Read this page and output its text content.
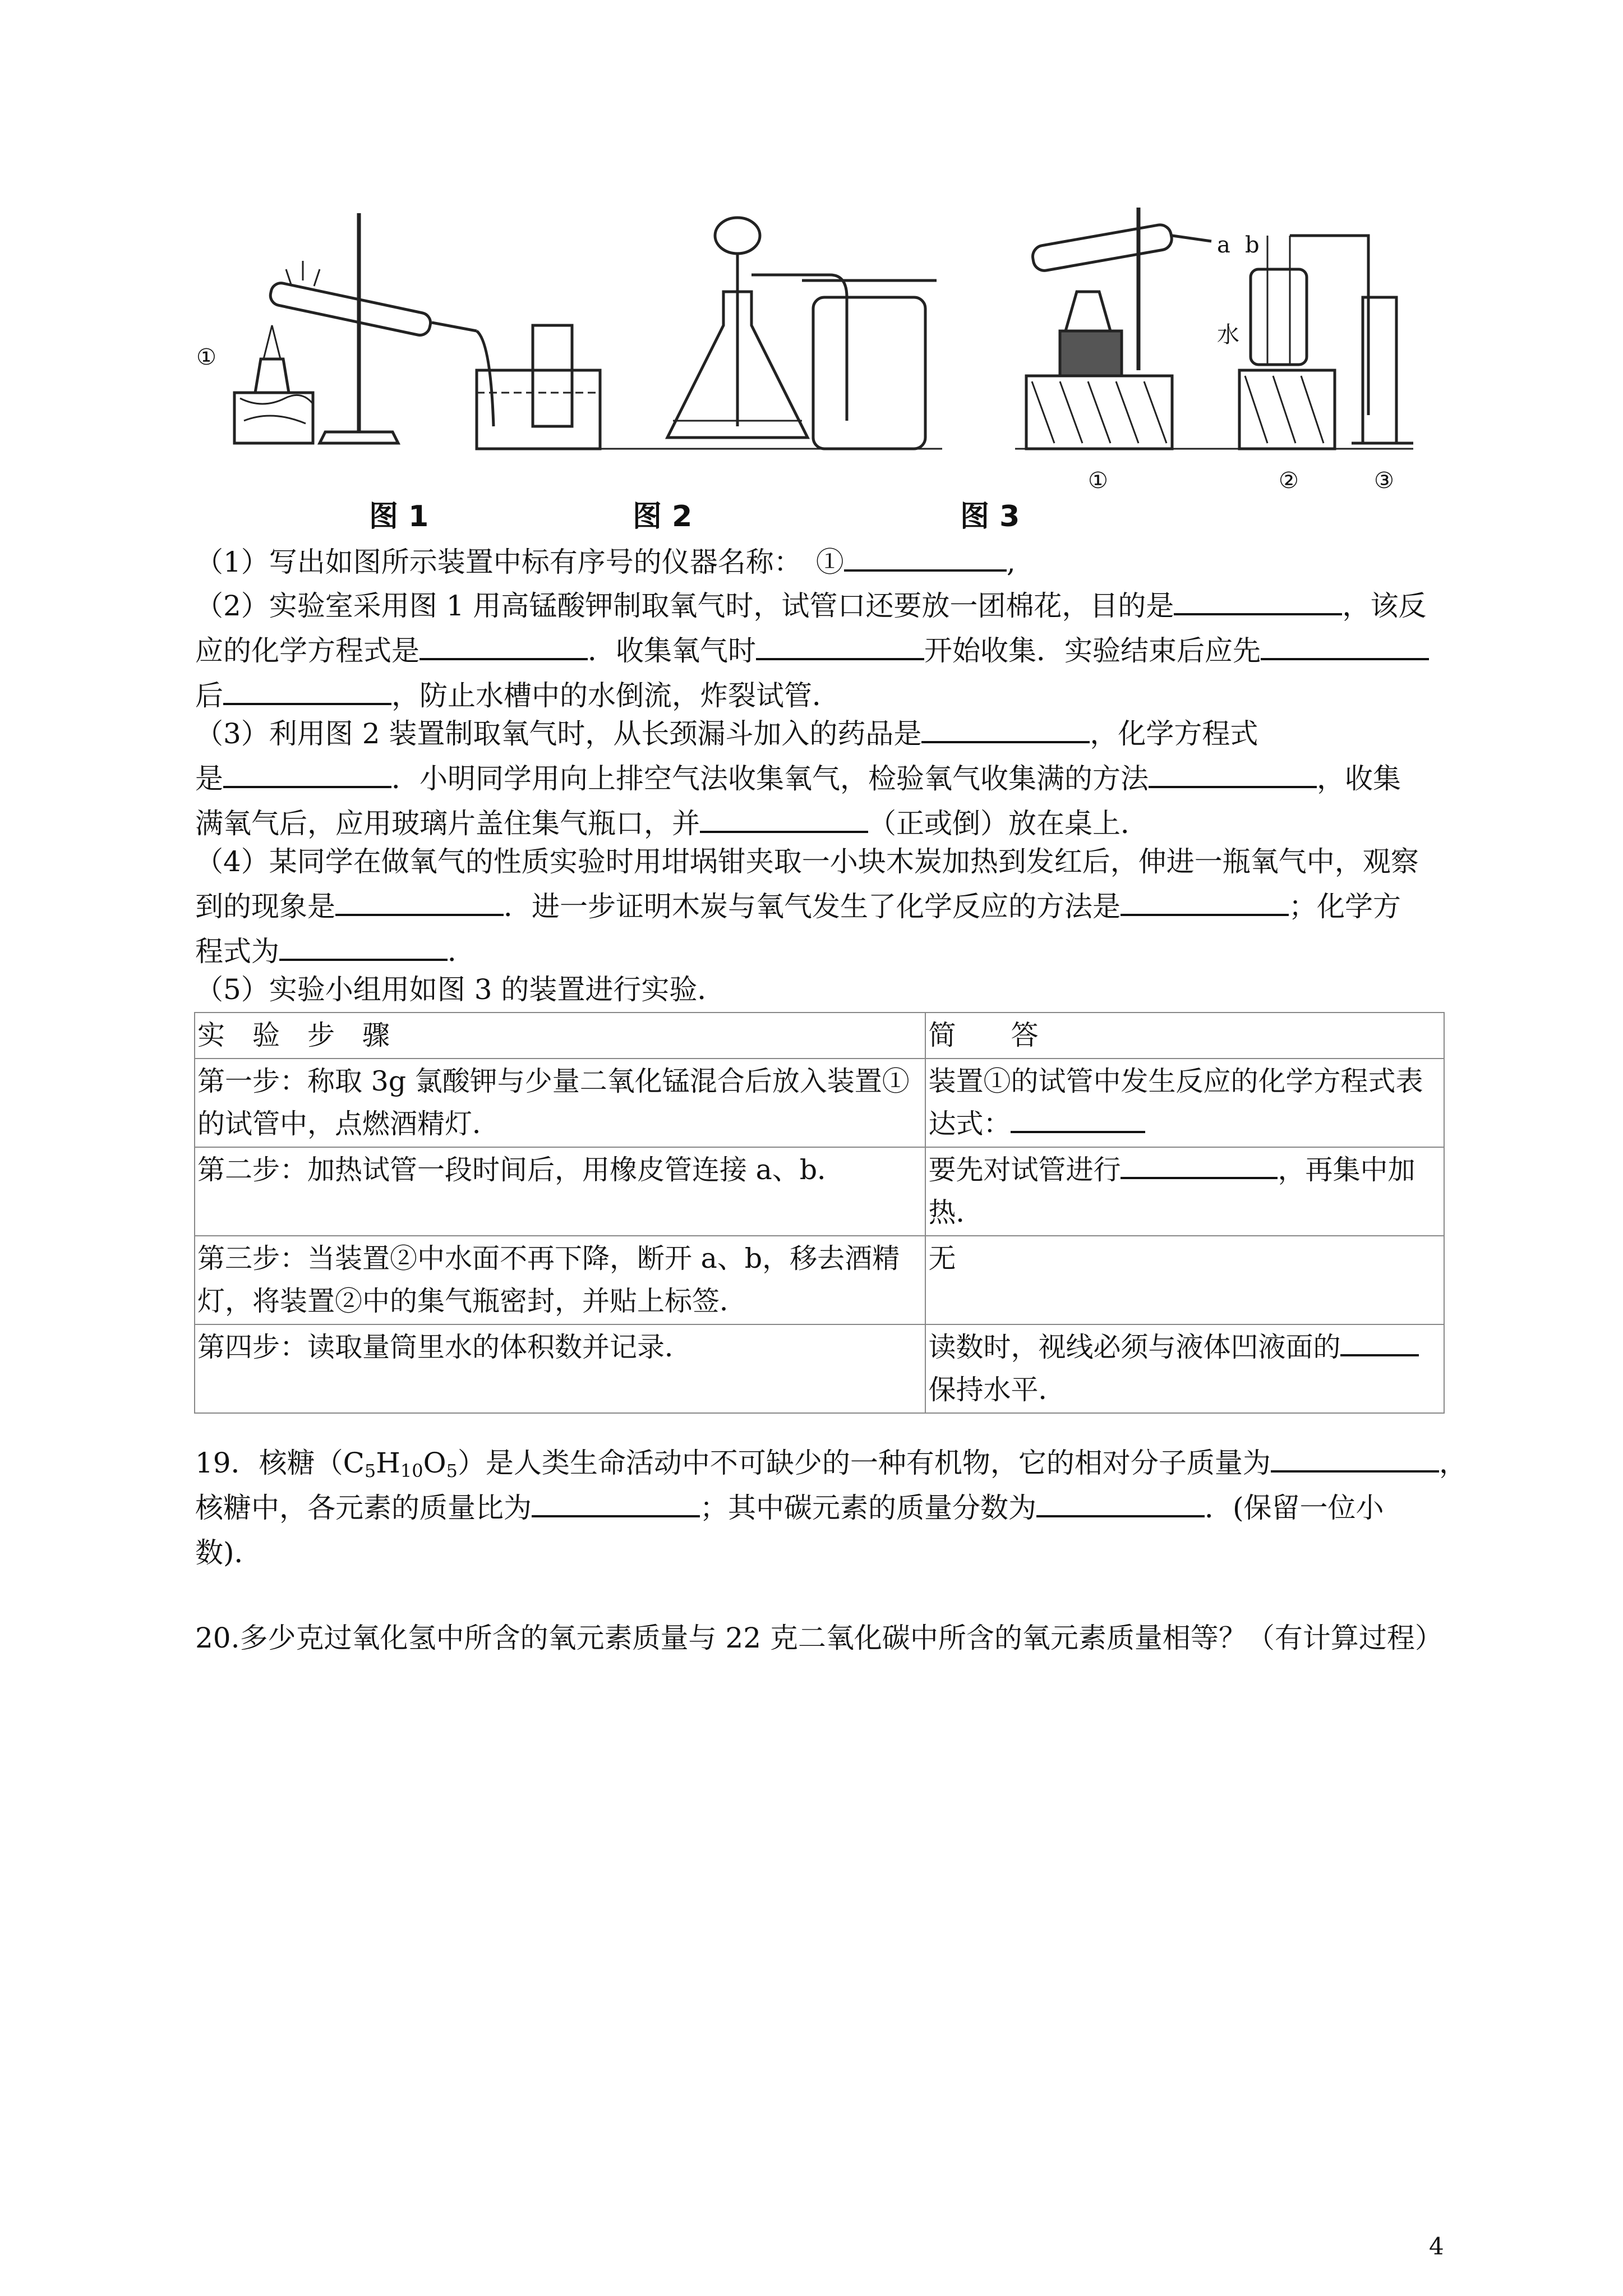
①
a b
水
①	②	③
图 1	图 2	图 3
（1）写出如图所示装置中标有序号的仪器名称：　①	,
（2）实验室采用图 1 用高锰酸钾制取氧气时，试管口还要放一团棉花，目的是	，该反
应的化学方程式是	．收集氧气时	开始收集．实验结束后应先
后	，防止水槽中的水倒流，炸裂试管．
（3）利用图 2 装置制取氧气时，从长颈漏斗加入的药品是	，化学方程式
是	．小明同学用向上排空气法收集氧气，检验氧气收集满的方法	，收集
满氧气后，应用玻璃片盖住集气瓶口，并	（正或倒）放在桌上．
（4）某同学在做氧气的性质实验时用坩埚钳夹取一小块木炭加热到发红后，伸进一瓶氧气中，观察
到的现象是	．进一步证明木炭与氧气发生了化学反应的方法是	；化学方
程式为	．
（5）实验小组用如图 3 的装置进行实验．
实　验　步　骤	简　　答
第一步：称取 3g 氯酸钾与少量二氧化锰混合后放入装置①的试管中，点燃酒精灯．	装置①的试管中发生反应的化学方程式表达式：
第二步：加热试管一段时间后，用橡皮管连接 a、b．	要先对试管进行 ，再集中加热．
第三步：当装置②中水面不再下降，断开 a、b，移去酒精灯，将装置②中的集气瓶密封，并贴上标签．	无
第四步：读取量筒里水的体积数并记录．	读数时，视线必须与液体凹液面的
保持水平．
19．核糖$(C_5H_{10}O_5)$是人类生命活动中不可缺少的一种有机物，它的相对分子质量为	，
核糖中，各元素的质量比为	；其中碳元素的质量分数为	．(保留一位小
数)．
20.多少克过氧化氢中所含的氧元素质量与 22 克二氧化碳中所含的氧元素质量相等？（有计算过程）
4
